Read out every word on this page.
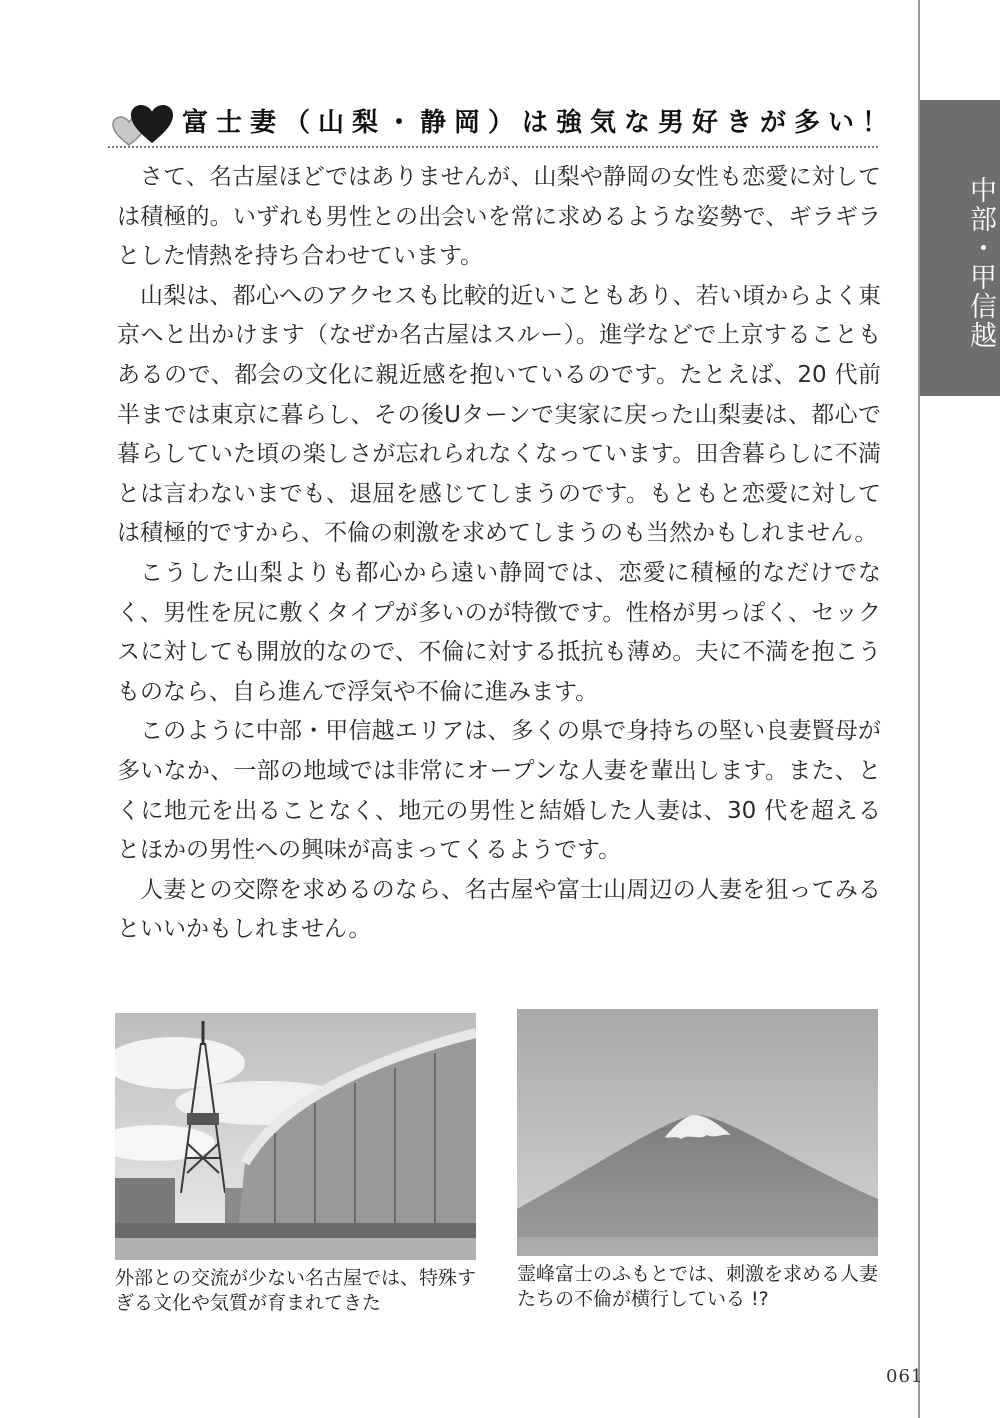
中部・甲信越
富士妻（山梨・静岡）は強気な男好きが多い！

さて、名古屋ほどではありませんが、山梨や静岡の女性も恋愛に対しては積極的。いずれも男性との出会いを常に求めるような姿勢で、ギラギラとした情熱を持ち合わせています。

山梨は、都心へのアクセスも比較的近いこともあり、若い頃からよく東京へと出かけます（なぜか名古屋はスルー）。進学などで上京することもあるので、都会の文化に親近感を抱いているのです。たとえば、20 代前半までは東京に暮らし、その後Uターンで実家に戻った山梨妻は、都心で暮らしていた頃の楽しさが忘れられなくなっています。田舎暮らしに不満とは言わないまでも、退屈を感じてしまうのです。もともと恋愛に対しては積極的ですから、不倫の刺激を求めてしまうのも当然かもしれません。

こうした山梨よりも都心から遠い静岡では、恋愛に積極的なだけでなく、男性を尻に敷くタイプが多いのが特徴です。性格が男っぽく、セックスに対しても開放的なので、不倫に対する抵抗も薄め。夫に不満を抱こうものなら、自ら進んで浮気や不倫に進みます。

このように中部・甲信越エリアは、多くの県で身持ちの堅い良妻賢母が多いなか、一部の地域では非常にオープンな人妻を輩出します。また、とくに地元を出ることなく、地元の男性と結婚した人妻は、30 代を超えるとほかの男性への興味が高まってくるようです。

人妻との交際を求めるのなら、名古屋や富士山周辺の人妻を狙ってみるといいかもしれません。

外部との交流が少ない名古屋では、特殊すぎる文化や気質が育まれてきた
霊峰富士のふもとでは、刺激を求める人妻たちの不倫が横行している !?
061
